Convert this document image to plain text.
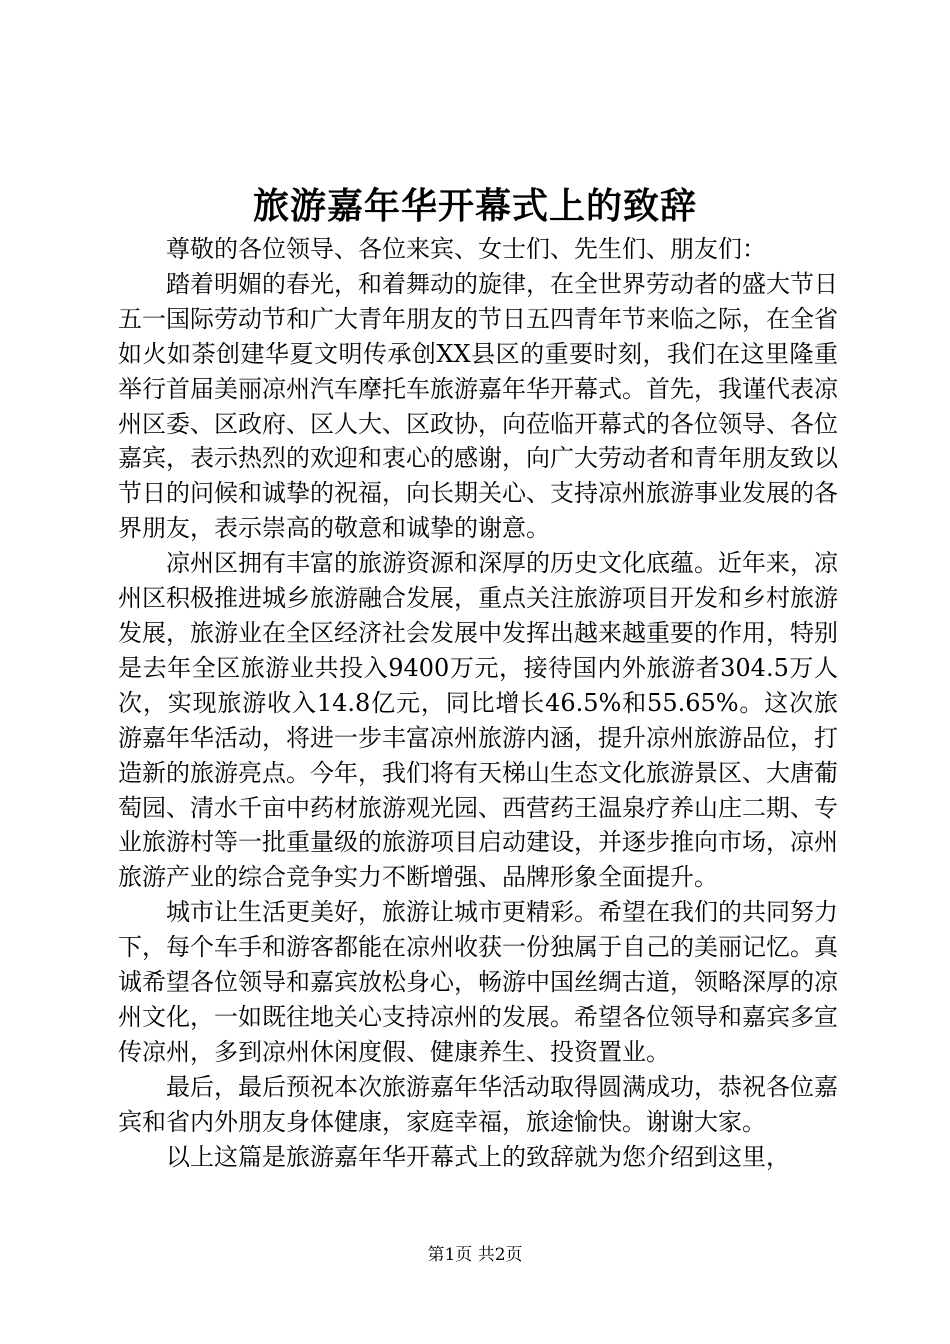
旅游嘉年华开幕式上的致辞

尊敬的各位领导、各位来宾、女士们、先生们、朋友们：

踏着明媚的春光，和着舞动的旋律，在全世界劳动者的盛大节日五一国际劳动节和广大青年朋友的节日五四青年节来临之际，在全省如火如荼创建华夏文明传承创XX县区的重要时刻，我们在这里隆重举行首届美丽凉州汽车摩托车旅游嘉年华开幕式。首先，我谨代表凉州区委、区政府、区人大、区政协，向莅临开幕式的各位领导、各位嘉宾，表示热烈的欢迎和衷心的感谢，向广大劳动者和青年朋友致以节日的问候和诚挚的祝福，向长期关心、支持凉州旅游事业发展的各界朋友，表示崇高的敬意和诚挚的谢意。

凉州区拥有丰富的旅游资源和深厚的历史文化底蕴。近年来，凉州区积极推进城乡旅游融合发展，重点关注旅游项目开发和乡村旅游发展，旅游业在全区经济社会发展中发挥出越来越重要的作用，特别是去年全区旅游业共投入9400万元，接待国内外旅游者304.5万人次，实现旅游收入14.8亿元，同比增长46.5%和55.65%。这次旅游嘉年华活动，将进一步丰富凉州旅游内涵，提升凉州旅游品位，打造新的旅游亮点。今年，我们将有天梯山生态文化旅游景区、大唐葡萄园、清水千亩中药材旅游观光园、西营药王温泉疗养山庄二期、专业旅游村等一批重量级的旅游项目启动建设，并逐步推向市场，凉州旅游产业的综合竞争实力不断增强、品牌形象全面提升。

城市让生活更美好，旅游让城市更精彩。希望在我们的共同努力下，每个车手和游客都能在凉州收获一份独属于自己的美丽记忆。真诚希望各位领导和嘉宾放松身心，畅游中国丝绸古道，领略深厚的凉州文化，一如既往地关心支持凉州的发展。希望各位领导和嘉宾多宣传凉州，多到凉州休闲度假、健康养生、投资置业。

最后，最后预祝本次旅游嘉年华活动取得圆满成功，恭祝各位嘉宾和省内外朋友身体健康，家庭幸福，旅途愉快。谢谢大家。

以上这篇是旅游嘉年华开幕式上的致辞就为您介绍到这里，

第1页 共2页
